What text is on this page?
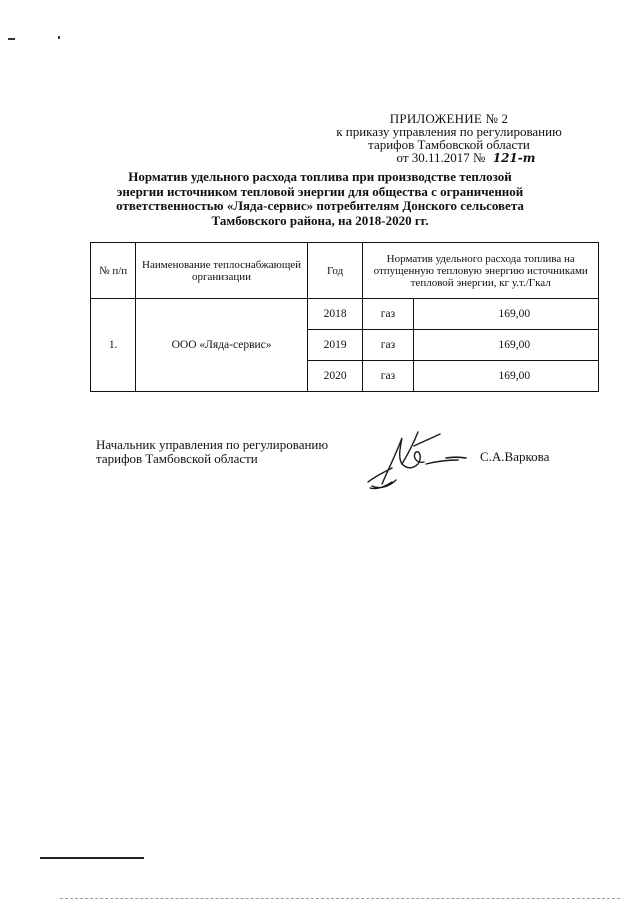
ПРИЛОЖЕНИЕ № 2
к приказу управления по регулированию
тарифов Тамбовской области
от 30.11.2017 № 121-т
Норматив удельного расхода топлива при производстве теплозой
энергии источником тепловой энергии для общества с ограниченной
ответственностью «Лядa-сервис» потребителям Донского сельсовета
Тамбовского района, на 2018-2020 гг.
№ п/п	Наименование теплоснабжающей организации	Год	Норматив удельного расхода топлива на отпущенную тепловую энергию источниками тепловой энергии, кг у.т./Гкал	
1.	ООО «Лядa-сервис»	2018	газ	169,00
		2019	газ	169,00
		2020	газ	169,00
Начальник управления по регулированию
тарифов Тамбовской области	С.А.Варкова
